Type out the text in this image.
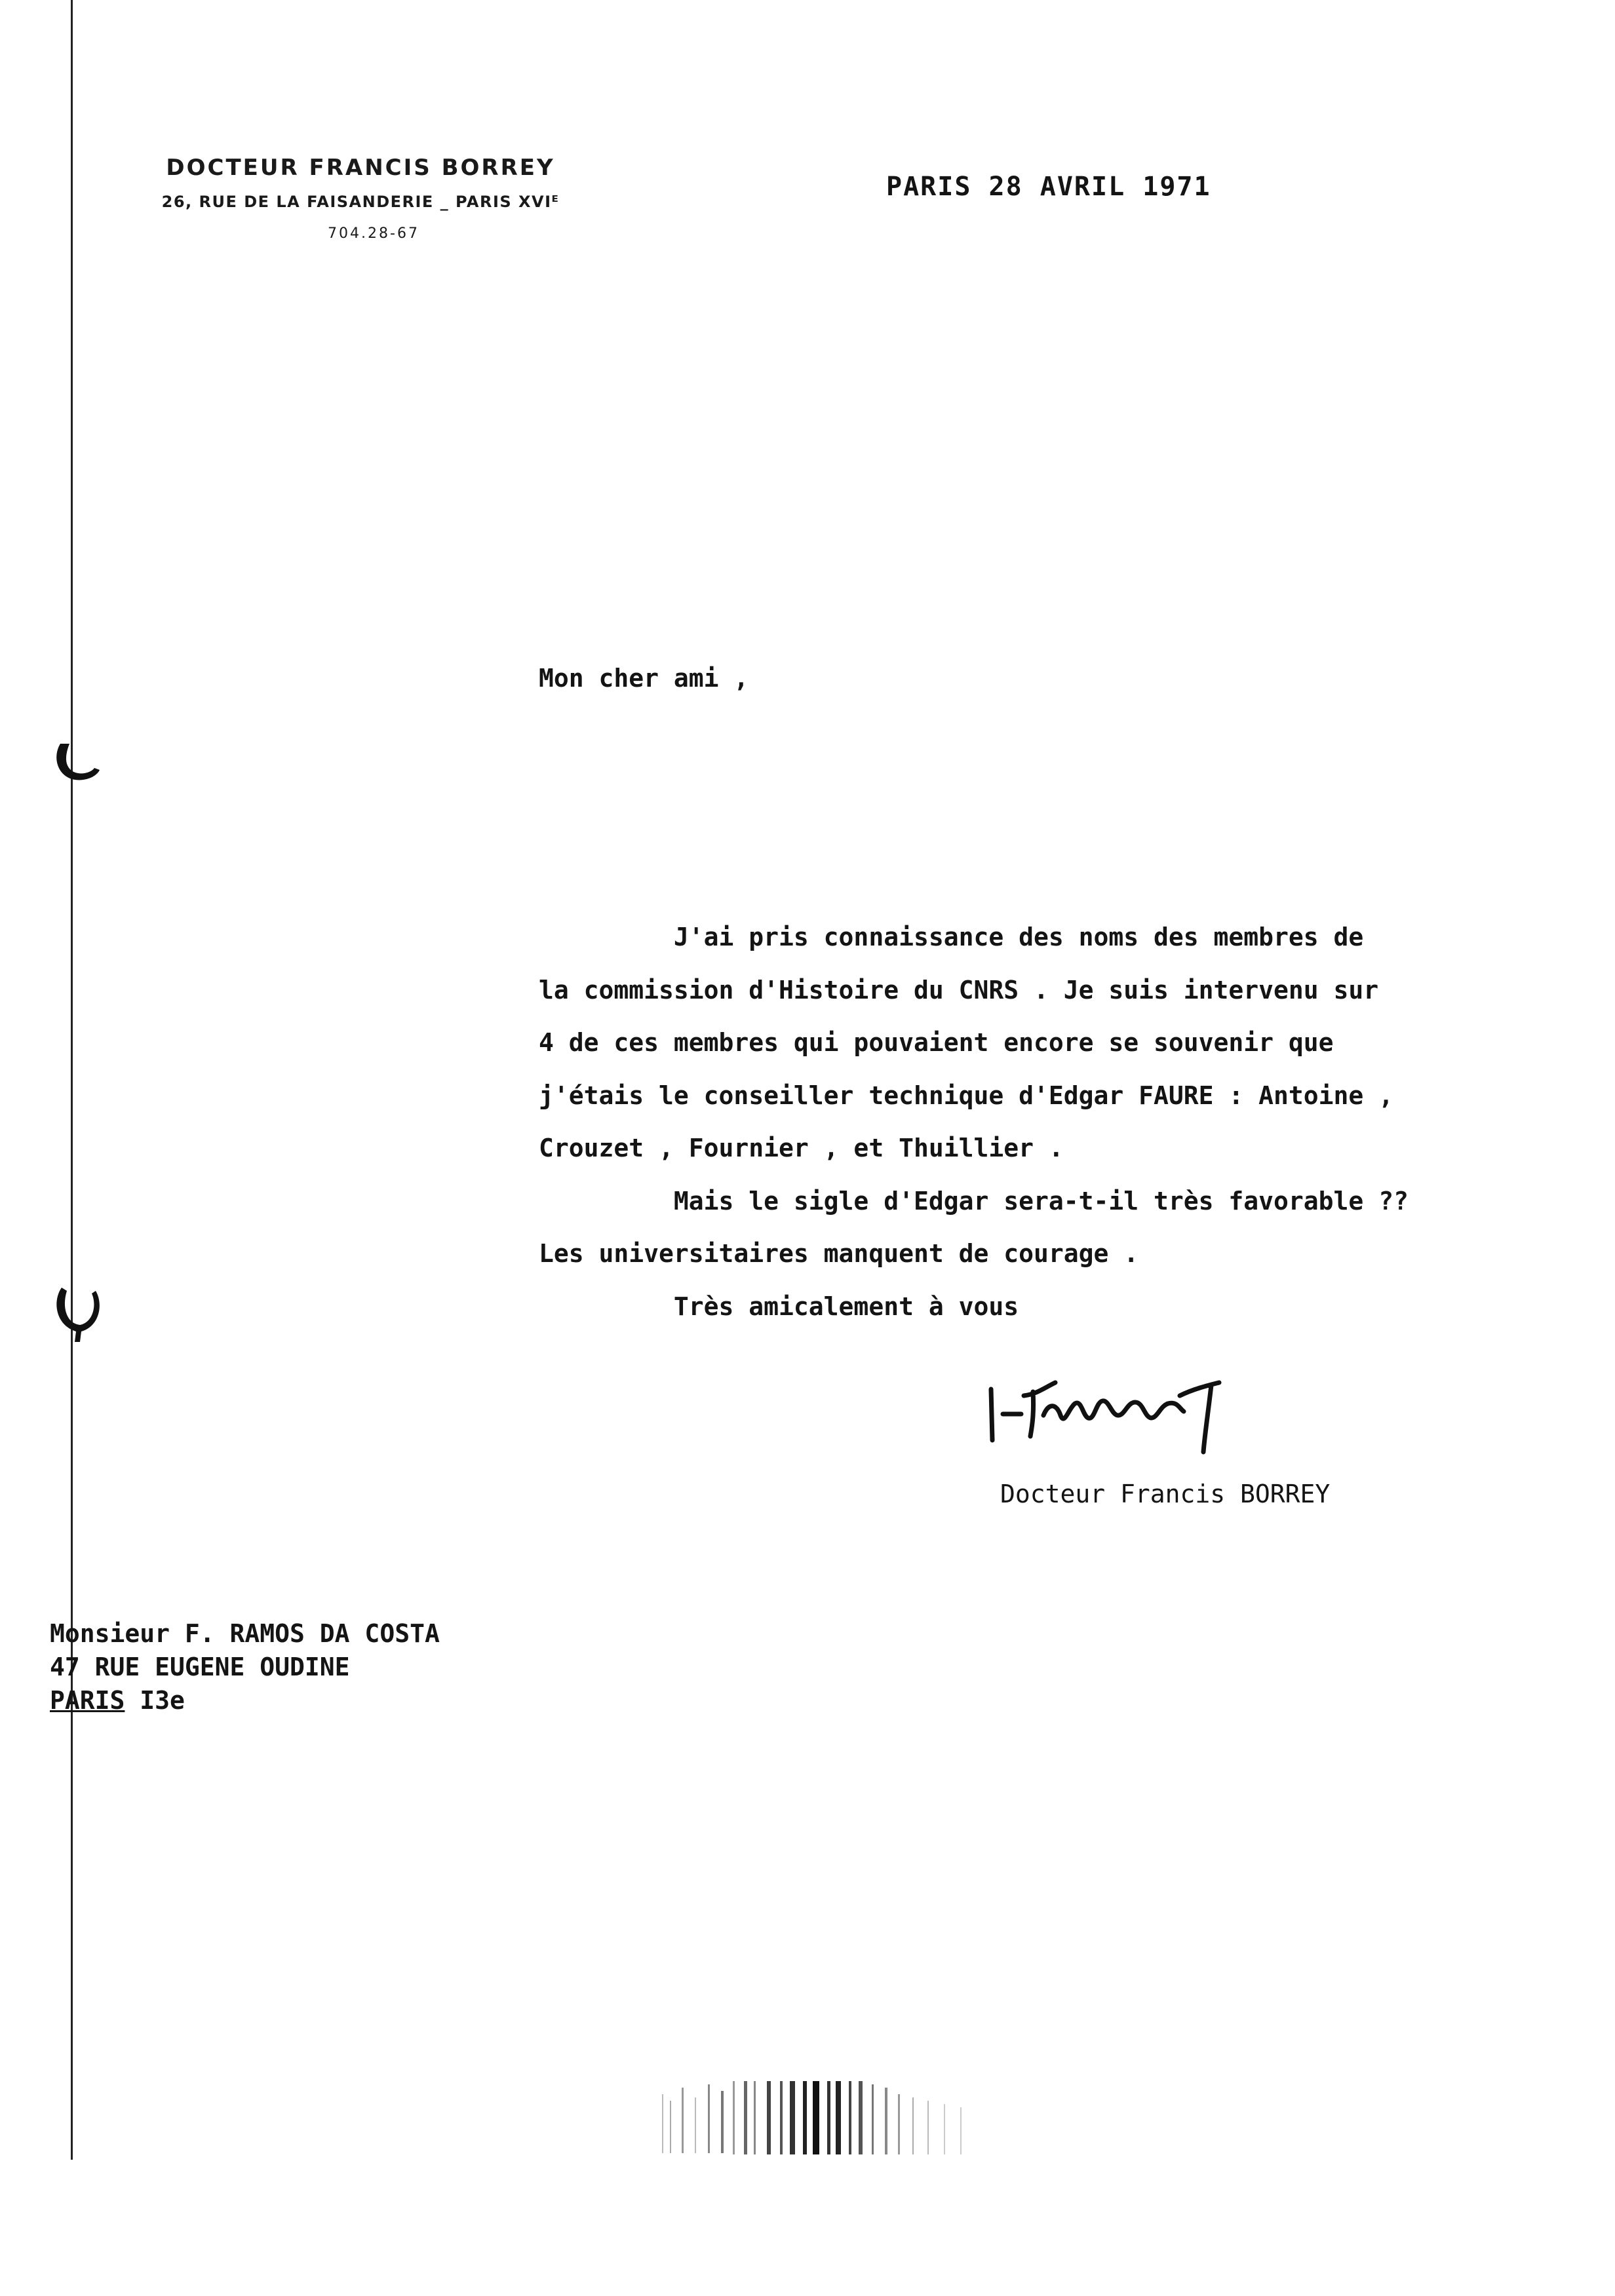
DOCTEUR FRANCIS BORREY
26, RUE DE LA FAISANDERIE _ PARIS XVIᴱ
704.28-67
PARIS 28 AVRIL 1971
Mon cher ami ,

J'ai pris connaissance des noms des membres de

la commission d'Histoire du CNRS . Je suis intervenu sur

4 de ces membres qui pouvaient encore se souvenir que

j'étais le conseiller technique d'Edgar FAURE : Antoine ,

Crouzet , Fournier , et Thuillier .

Mais le sigle d'Edgar sera-t-il très favorable ??

Les universitaires manquent de courage .

Très amicalement à vous

Docteur Francis BORREY
Monsieur F. RAMOS DA COSTA
47 RUE EUGENE OUDINE
PARIS I3e
